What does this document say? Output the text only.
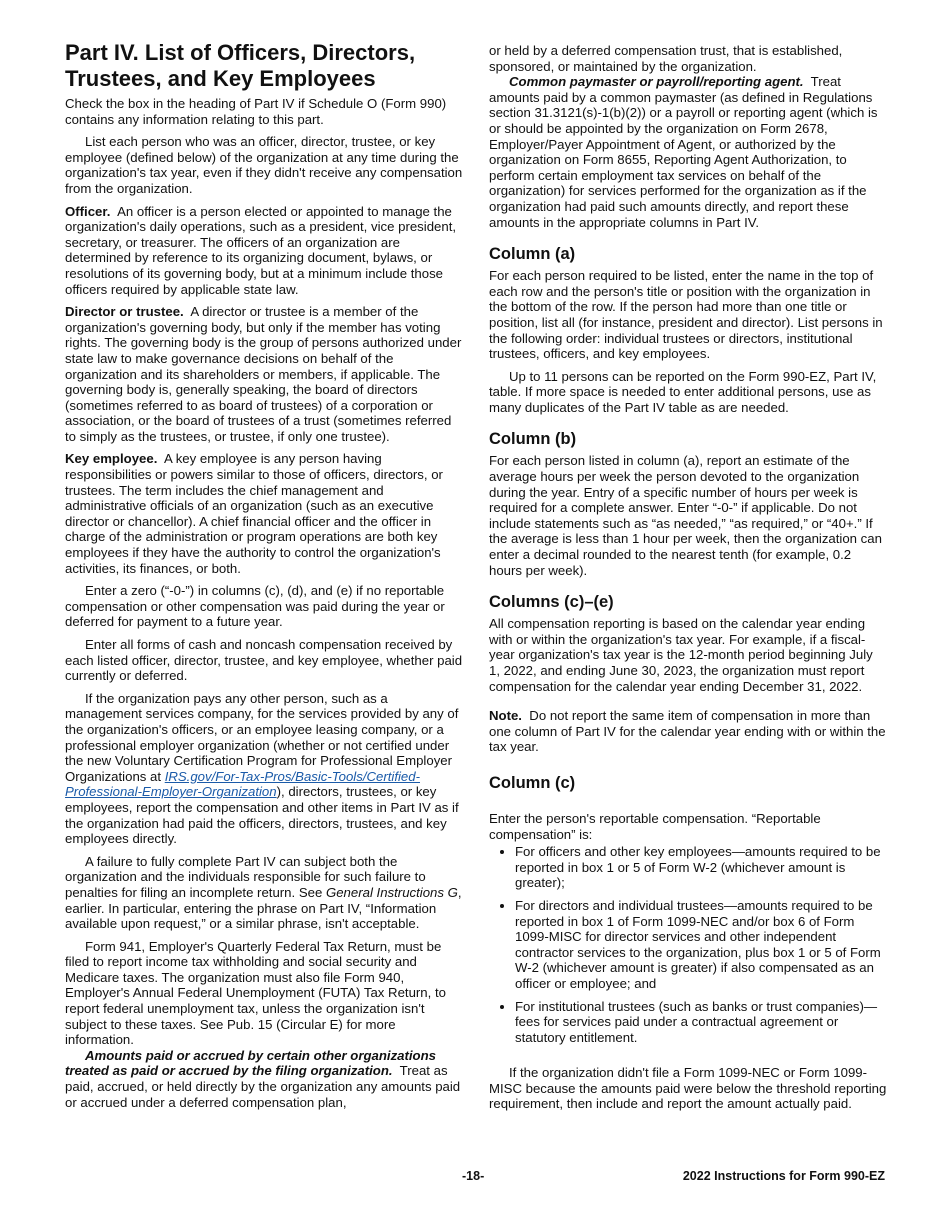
Part IV. List of Officers, Directors, Trustees, and Key Employees

Check the box in the heading of Part IV if Schedule O (Form 990) contains any information relating to this part.

List each person who was an officer, director, trustee, or key employee (defined below) of the organization at any time during the organization's tax year, even if they didn't receive any compensation from the organization.

Officer. An officer is a person elected or appointed to manage the organization's daily operations, such as a president, vice president, secretary, or treasurer. The officers of an organization are determined by reference to its organizing document, bylaws, or resolutions of its governing body, but at a minimum include those officers required by applicable state law.

Director or trustee. A director or trustee is a member of the organization's governing body, but only if the member has voting rights. The governing body is the group of persons authorized under state law to make governance decisions on behalf of the organization and its shareholders or members, if applicable. The governing body is, generally speaking, the board of directors (sometimes referred to as board of trustees) of a corporation or association, or the board of trustees of a trust (sometimes referred to simply as the trustees, or trustee, if only one trustee).

Key employee. A key employee is any person having responsibilities or powers similar to those of officers, directors, or trustees. The term includes the chief management and administrative officials of an organization (such as an executive director or chancellor). A chief financial officer and the officer in charge of the administration or program operations are both key employees if they have the authority to control the organization's activities, its finances, or both.

Enter a zero (“-0-”) in columns (c), (d), and (e) if no reportable compensation or other compensation was paid during the year or deferred for payment to a future year.

Enter all forms of cash and noncash compensation received by each listed officer, director, trustee, and key employee, whether paid currently or deferred.

If the organization pays any other person, such as a management services company, for the services provided by any of the organization's officers, or an employee leasing company, or a professional employer organization (whether or not certified under the new Voluntary Certification Program for Professional Employer Organizations at IRS.gov/For-Tax-Pros/Basic-Tools/Certified-Professional-Employer-Organization), directors, trustees, or key employees, report the compensation and other items in Part IV as if the organization had paid the officers, directors, trustees, and key employees directly.

A failure to fully complete Part IV can subject both the organization and the individuals responsible for such failure to penalties for filing an incomplete return. See General Instructions G, earlier. In particular, entering the phrase on Part IV, “Information available upon request,” or a similar phrase, isn't acceptable.

Form 941, Employer's Quarterly Federal Tax Return, must be filed to report income tax withholding and social security and Medicare taxes. The organization must also file Form 940, Employer's Annual Federal Unemployment (FUTA) Tax Return, to report federal unemployment tax, unless the organization isn't subject to these taxes. See Pub. 15 (Circular E) for more information.

Amounts paid or accrued by certain other organizations treated as paid or accrued by the filing organization. Treat as paid, accrued, or held directly by the organization any amounts paid or accrued under a deferred compensation plan,

or held by a deferred compensation trust, that is established, sponsored, or maintained by the organization.

Common paymaster or payroll/reporting agent. Treat amounts paid by a common paymaster (as defined in Regulations section 31.3121(s)-1(b)(2)) or a payroll or reporting agent (which is or should be appointed by the organization on Form 2678, Employer/Payer Appointment of Agent, or authorized by the organization on Form 8655, Reporting Agent Authorization, to perform certain employment tax services on behalf of the organization) for services performed for the organization as if the organization had paid such amounts directly, and report these amounts in the appropriate columns in Part IV.

Column (a)

For each person required to be listed, enter the name in the top of each row and the person's title or position with the organization in the bottom of the row. If the person had more than one title or position, list all (for instance, president and director). List persons in the following order: individual trustees or directors, institutional trustees, officers, and key employees.

Up to 11 persons can be reported on the Form 990-EZ, Part IV, table. If more space is needed to enter additional persons, use as many duplicates of the Part IV table as are needed.

Column (b)

For each person listed in column (a), report an estimate of the average hours per week the person devoted to the organization during the year. Entry of a specific number of hours per week is required for a complete answer. Enter “-0-” if applicable. Do not include statements such as “as needed,” “as required,” or “40+.” If the average is less than 1 hour per week, then the organization can enter a decimal rounded to the nearest tenth (for example, 0.2 hours per week).

Columns (c)–(e)

All compensation reporting is based on the calendar year ending with or within the organization's tax year. For example, if a fiscal-year organization's tax year is the 12-month period beginning July 1, 2022, and ending June 30, 2023, the organization must report compensation for the calendar year ending December 31, 2022.

Note. Do not report the same item of compensation in more than one column of Part IV for the calendar year ending with or within the tax year.

Column (c)

Enter the person's reportable compensation. “Reportable compensation” is:

• For officers and other key employees—amounts required to be reported in box 1 or 5 of Form W-2 (whichever amount is greater);
• For directors and individual trustees—amounts required to be reported in box 1 of Form 1099-NEC and/or box 6 of Form 1099-MISC for director services and other independent contractor services to the organization, plus box 1 or 5 of Form W-2 (whichever amount is greater) if also compensated as an officer or employee; and
• For institutional trustees (such as banks or trust companies)—fees for services paid under a contractual agreement or statutory entitlement.

If the organization didn't file a Form 1099-NEC or Form 1099-MISC because the amounts paid were below the threshold reporting requirement, then include and report the amount actually paid.

-18-	2022 Instructions for Form 990-EZ
